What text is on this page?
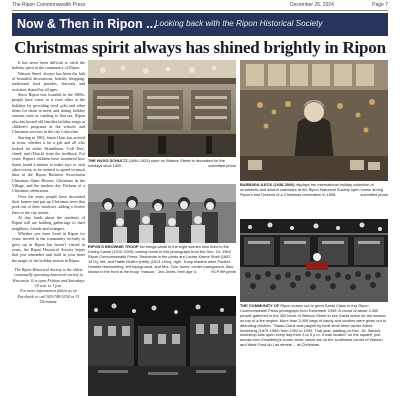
The Ripon Commonwealth Press	December 26, 2024	Page 7
Now & Then in Ripon ...
Looking back with the Ripon Historical Society
Christmas spirit always has shined brightly in Ripon

It has never been difficult to catch the holiday spirit in the community of Ripon.

Watson Street' always has been the hub of beautiful decorations, holiday shopping, traditional food parades, festivals and activities shared by all ages.

Since Ripon was founded in the 1800s, people have come to it each other at the holidays by providing food, gifts and other items for those in need, and during holiday seasons such as caroling to that tax. Ripon also has hosted old families holiday songs at children's programs at the schools and Christmas services in the city's churches.

Starting in 1902, Santa Claus has arrived in town, whether it be a gift and all who looked for either Skimbleton, 'Loft Dos', cheek' and (Dutch) from the feedback. For years, Ripon's children have wondered how Santa found a minute to make toys or visit other towns, as he seemed to spend so much time at the Ripon Business Association Christmas Open Houses, Christmas in the Village, and the modern day Dickens of a Christmas celebration.

Over the years people have decorated their homes and put up Christmas trees that peek out of their windows, adding a festive flare to the city streets.

At day, lands about the residents of Ripon still are holding gatherings to their neighbors, friends and strangers.

Whether you have lived in Ripon for years, moved to the community recently or grew up in Ripon but haven't visited in years, the Ripon Historical Society hopes that you remember and hold in your heart the magic of the holiday season in Ripon.

The Ripon Historical Society is the oldest continually operating historical society in Wisconsin. It is open Fridays and Saturdays 10 a.m. to 1 p.m.

For more information follow us on Facebook or call 920-748-5354 or 31 Christmas.

THE HUGO SCHULTZ (1846-1925) store on Watson Street is decorated for the holidays circa 1900.	submitted photo
BARBARA ILECK (1938-2000) displays her international holiday collection of ornaments and advent calendars at the Ripon Historical Society open house during Ripon's first Dickens of a Christmas celebration in 1998.	submitted photo
RIPON'S BROWNIE TROOP No brings cards to the eight women who lived in the Dorthy Larsel (1910-2009) nursing home in this photograph from the Dec. 24, 1964 Ripon Commonwealth Press. Residents in the photo are Louise Keene Shell (1887-1974), left, and Hattie Mullen (Hetti) (1874-19xx), right. Troop leaders were Pauline Humble Hammerling, left background, and Mrs. Tom Jones, center background. Also shown in the front is the troop "mascot," Jan Jones, then age 4.	RCP file photo
THE COMMUNITY OF Ripon comes out to greet Santa Claus in this Ripon Commonwealth Press photograph from December 1949. A crowd of about 3,500 people gathered in the 300 block of Watson Street to see Santa arrive for the season on top of a fire engine. More than 3,000 bags of candy and cookies were given out to attending children. "Santa Claus was played by local shoe store owner Arthur Ihmelberg (1879-1950) from 1902 to 1949. That year, starting on Dec. 16, Santa's workshop was open every day from 3 to 5 p.m. It was located "on the square" just across from Ihmelberg's corner store, which sat on the southwest corner of Watson and West Fond du Lac streets ... at Christmas.
